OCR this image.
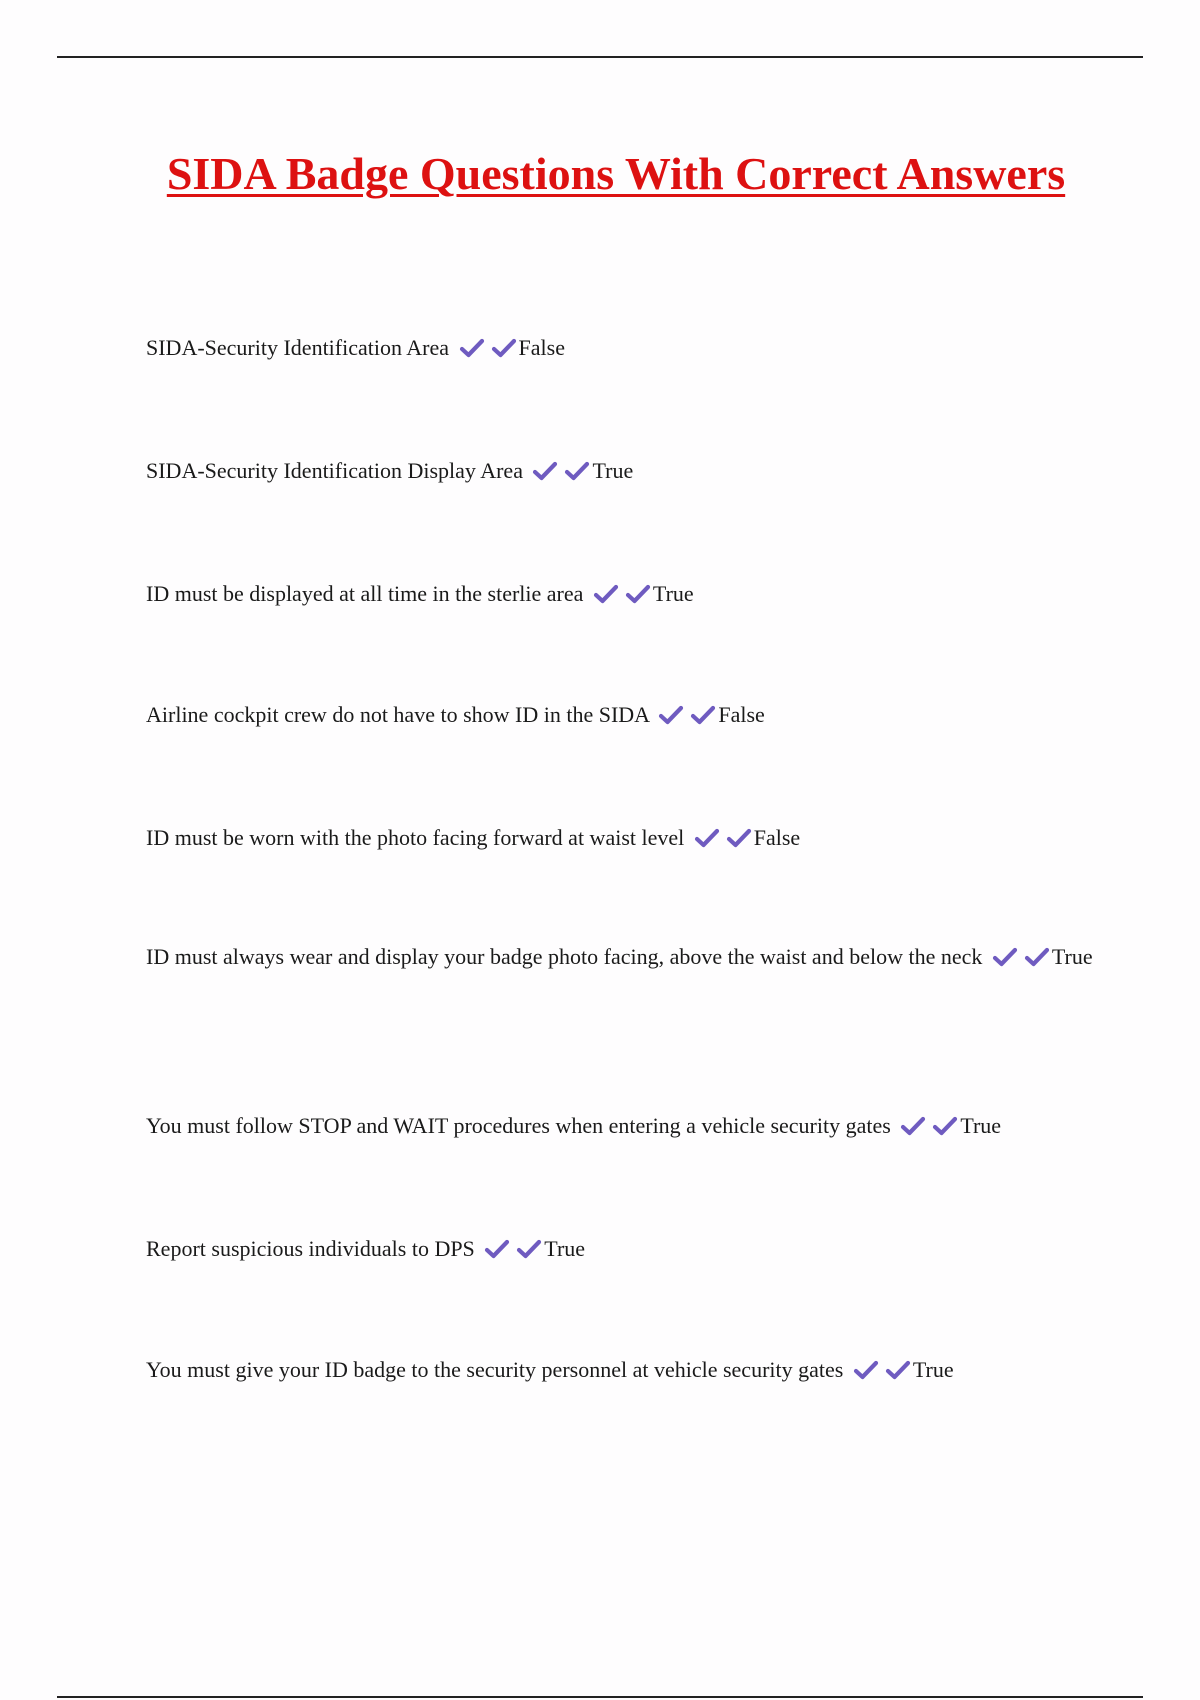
SIDA Badge Questions With Correct Answers

SIDA-Security Identification Area	False

SIDA-Security Identification Display Area	True

ID must be displayed at all time in the sterlie area	True

Airline cockpit crew do not have to show ID in the SIDA	False

ID must be worn with the photo facing forward at waist level	False

ID must always wear and display your badge photo facing, above the waist and below the neck	True

You must follow STOP and WAIT procedures when entering a vehicle security gates	True

Report suspicious individuals to DPS	True

You must give your ID badge to the security personnel at vehicle security gates	True
